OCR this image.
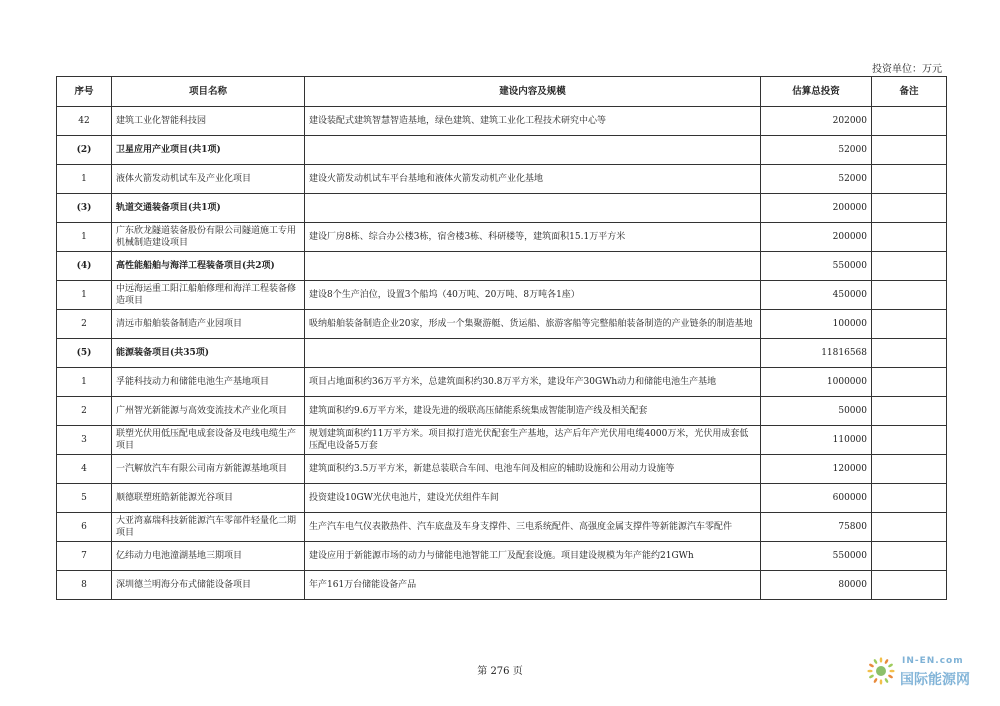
投资单位：万元
序号	项目名称	建设内容及规模	估算总投资	备注
42	建筑工业化智能科技园	建设装配式建筑智慧智造基地，绿色建筑、建筑工业化工程技术研究中心等	202000	
(2)	卫星应用产业项目(共1项)		52000	
1	液体火箭发动机试车及产业化项目	建设火箭发动机试车平台基地和液体火箭发动机产业化基地	52000	
(3)	轨道交通装备项目(共1项)		200000	
1	广东欣龙隧道装备股份有限公司隧道施工专用机械制造建设项目	建设厂房8栋、综合办公楼3栋，宿舍楼3栋、科研楼等，建筑面积15.1万平方米	200000	
(4)	高性能船舶与海洋工程装备项目(共2项)		550000	
1	中远海运重工阳江船舶修理和海洋工程装备修造项目	建设8个生产泊位，设置3个船坞（40万吨、20万吨、8万吨各1座）	450000	
2	清远市船舶装备制造产业园项目	吸纳船舶装备制造企业20家，形成一个集聚游艇、货运船、旅游客船等完整船舶装备制造的产业链条的制造基地	100000	
(5)	能源装备项目(共35项)		11816568	
1	孚能科技动力和储能电池生产基地项目	项目占地面积约36万平方米，总建筑面积约30.8万平方米，建设年产30GWh动力和储能电池生产基地	1000000	
2	广州智光新能源与高效变流技术产业化项目	建筑面积约9.6万平方米，建设先进的级联高压储能系统集成智能制造产线及相关配套	50000	
3	联塑光伏用低压配电成套设备及电线电缆生产项目	规划建筑面积约11万平方米。项目拟打造光伏配套生产基地，达产后年产光伏用电缆4000万米，光伏用成套低压配电设备5万套	110000	
4	一汽解放汽车有限公司南方新能源基地项目	建筑面积约3.5万平方米，新建总装联合车间、电池车间及相应的辅助设施和公用动力设施等	120000	
5	顺德联塑班皓新能源光谷项目	投资建设10GW光伏电池片，建设光伏组件车间	600000	
6	大亚湾嘉瑞科技新能源汽车零部件轻量化二期项目	生产汽车电气仪表散热件、汽车底盘及车身支撑件、三电系统配件、高强度金属支撑件等新能源汽车零配件	75800	
7	亿纬动力电池潼湖基地三期项目	建设应用于新能源市场的动力与储能电池智能工厂及配套设施。项目建设规模为年产能约21GWh	550000	
8	深圳德兰明海分布式储能设备项目	年产161万台储能设备产品	80000	
第 276 页
IN-EN.com
国际能源网
